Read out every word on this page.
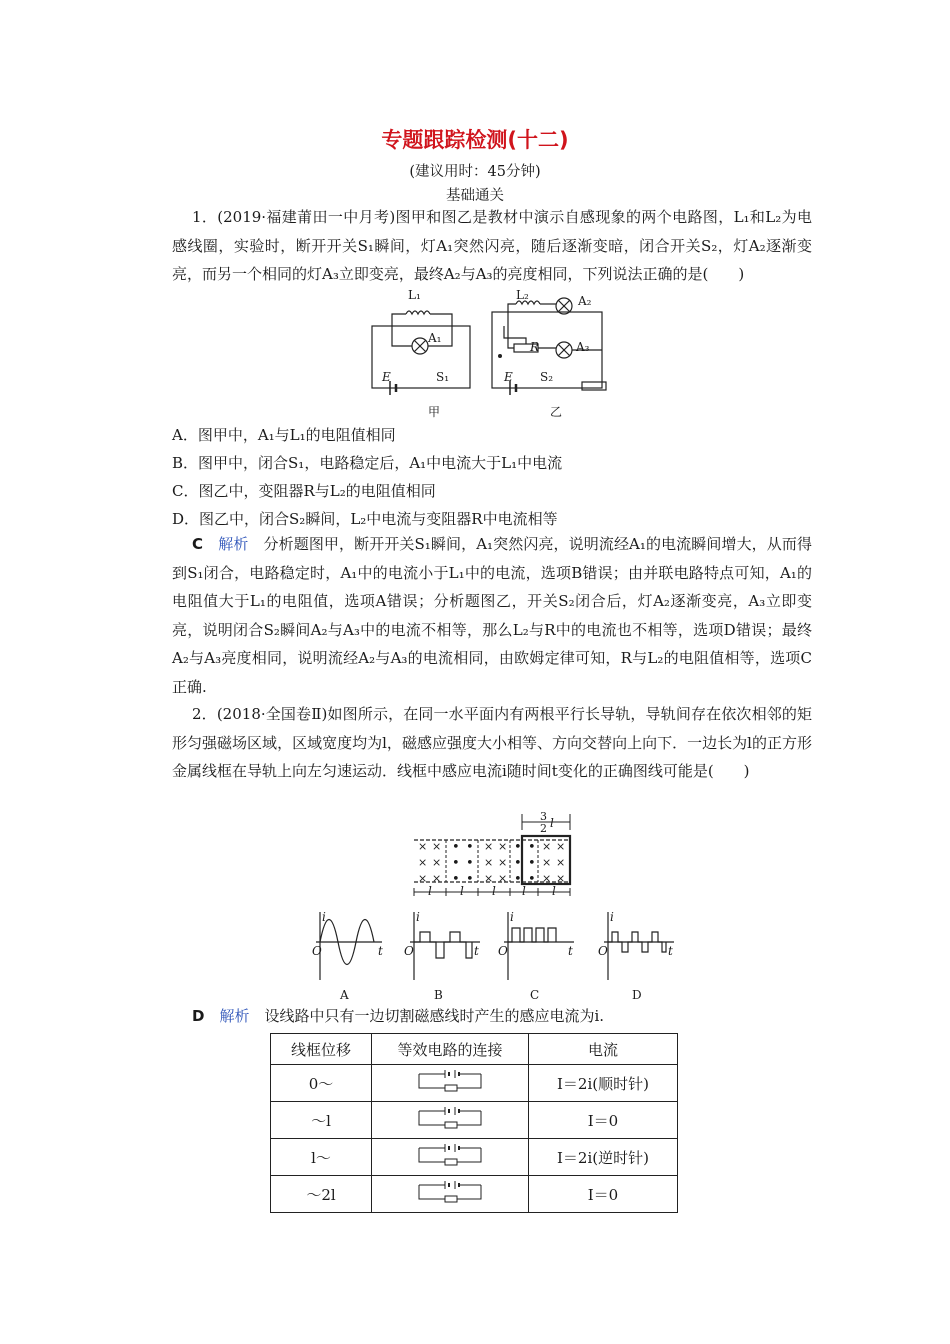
专题跟踪检测(十二)
(建议用时：45分钟)
基础通关
1．(2019·福建莆田一中月考)图甲和图乙是教材中演示自感现象的两个电路图，L₁和L₂为电感线圈，实验时，断开开关S₁瞬间，灯A₁突然闪亮，随后逐渐变暗，闭合开关S₂，灯A₂逐渐变亮，而另一个相同的灯A₃立即变亮，最终A₂与A₃的亮度相同，下列说法正确的是(　　)
L₁
A₁
E	S₁
L₂	A₂
R	A₃
E S₂
甲	乙
A．图甲中，A₁与L₁的电阻值相同
B．图甲中，闭合S₁，电路稳定后，A₁中电流大于L₁中电流
C．图乙中，变阻器R与L₂的电阻值相同
D．图乙中，闭合S₂瞬间，L₂中电流与变阻器R中电流相等
C　 解析　 分析题图甲，断开开关S₁瞬间，A₁突然闪亮，说明流经A₁的电流瞬间增大，从而得到S₁闭合，电路稳定时，A₁中的电流小于L₁中的电流，选项B错误；由并联电路特点可知，A₁的电阻值大于L₁的电阻值，选项A错误；分析题图乙，开关S₂闭合后，灯A₂逐渐变亮，A₃立即变亮，说明闭合S₂瞬间A₂与A₃中的电流不相等，那么L₂与R中的电流也不相等，选项D错误；最终A₂与A₃亮度相同，说明流经A₂与A₃的电流相同，由欧姆定律可知，R与L₂的电阻值相等，选项C正确.
2．(2018·全国卷Ⅱ)如图所示，在同一水平面内有两根平行长导轨，导轨间存在依次相邻的矩形匀强磁场区域，区域宽度均为l，磁感应强度大小相等、方向交替向上向下．一边长为l的正方形金属线框在导轨上向左匀速运动．线框中感应电流i随时间t变化的正确图线可能是(　　)
3
2 l
× ×
× ×
× ×
• •
• •
• •
× ×
× ×
× ×
•
•
•
•
•
•
× ×
× ×
× ×
l l l l l
i
O	t
i
O	t
i
O	t
i
O	t
A	B	C	D
D　 解析　 设线路中只有一边切割磁感线时产生的感应电流为i.
线框位移	等效电路的连接	电流
0～		I＝2i(顺时针)
～l		I＝0
l～		I＝2i(逆时针)
～2l		I＝0
